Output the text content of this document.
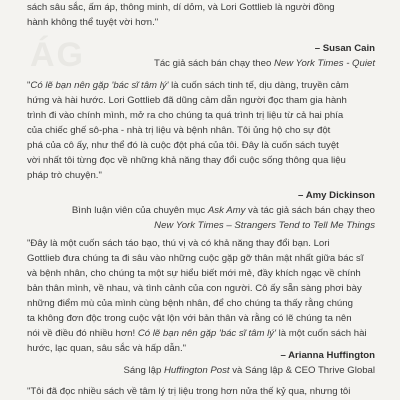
ÁG

sách sâu sắc, ấm áp, thông minh, dí dỏm, và Lori Gottlieb là người đồng
hành không thể tuyệt vời hơn."

– Susan Cain
Tác giả sách bán chạy theo New York Times - Quiet

"Có lẽ bạn nên gặp 'bác sĩ tâm lý' là cuốn sách tinh tế, dịu dàng, truyền cảm
hứng và hài hước. Lori Gottlieb đã dũng cảm dẫn người đọc tham gia hành
trình đi vào chính mình, mở ra cho chúng ta quá trình trị liệu từ cả hai phía
của chiếc ghế sô-pha - nhà trị liệu và bệnh nhân. Tôi ủng hộ cho sự đột
phá của cô ấy, như thể đó là cuộc đột phá của tôi. Đây là cuốn sách tuyệt
vời nhất tôi từng đọc về những khả năng thay đổi cuộc sống thông qua liệu
pháp trò chuyện."

– Amy Dickinson
Bình luận viên của chuyên mục Ask Amy và tác giả sách bán chạy theo
New York Times – Strangers Tend to Tell Me Things

"Đây là một cuốn sách táo bạo, thú vị và có khả năng thay đổi bạn. Lori
Gottlieb đưa chúng ta đi sâu vào những cuộc gặp gỡ thân mật nhất giữa bác sĩ
và bệnh nhân, cho chúng ta một sự hiểu biết mới mẻ, đầy khích ngạc về chính
bản thân mình, về nhau, và tình cảnh của con người. Cô ấy sẵn sàng phơi bày
những điểm mù của mình cùng bệnh nhân, để cho chúng ta thấy rằng chúng
ta không đơn độc trong cuộc vật lộn với bản thân và rằng có lẽ chúng ta nên
nói về điều đó nhiều hơn! Có lẽ bạn nên gặp 'bác sĩ tâm lý' là một cuốn sách hài
hước, lạc quan, sâu sắc và hấp dẫn."

– Arianna Huffington
Sáng lập Huffington Post và Sáng lập & CEO Thrive Global

"Tôi đã đọc nhiều sách về tâm lý trị liệu trong hơn nửa thế kỷ qua, nhưng tôi
